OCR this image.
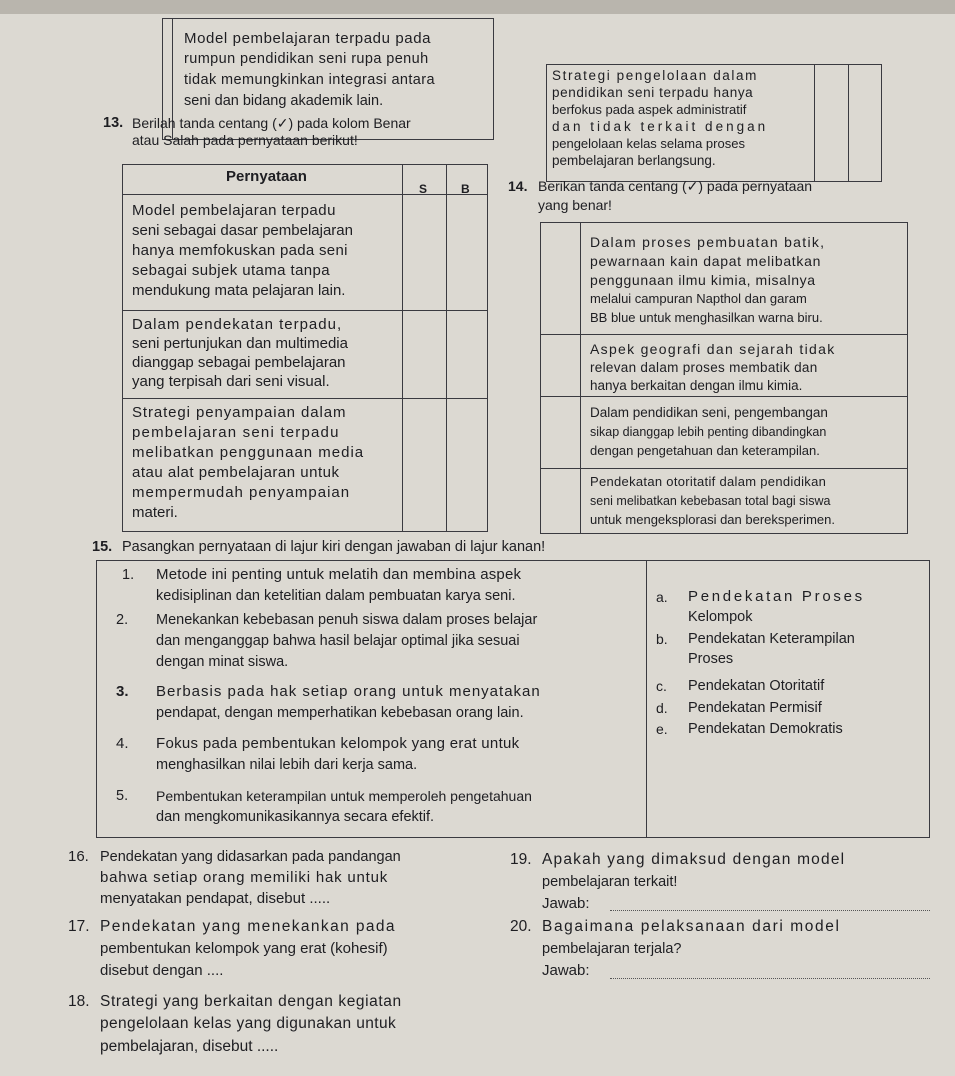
Model pembelajaran terpadu pada
rumpun pendidikan seni rupa penuh
tidak memungkinkan integrasi antara
seni dan bidang akademik lain.
13. Berilah tanda centang (✓) pada kolom Benar
atau Salah pada pernyataan berikut!
Pernyataan
S	B
Model pembelajaran terpadu
seni sebagai dasar pembelajaran
hanya memfokuskan pada seni
sebagai subjek utama tanpa
mendukung mata pelajaran lain.
Dalam pendekatan terpadu,
seni pertunjukan dan multimedia
dianggap sebagai pembelajaran
yang terpisah dari seni visual.
Strategi penyampaian dalam
pembelajaran seni terpadu
melibatkan penggunaan media
atau alat pembelajaran untuk
mempermudah penyampaian
materi.
Strategi pengelolaan dalam
pendidikan seni terpadu hanya
berfokus pada aspek administratif
dan tidak terkait dengan
pengelolaan kelas selama proses
pembelajaran berlangsung.
14. Berikan tanda centang (✓) pada pernyataan
yang benar!
Dalam proses pembuatan batik,
pewarnaan kain dapat melibatkan
penggunaan ilmu kimia, misalnya
melalui campuran Napthol dan garam
BB blue untuk menghasilkan warna biru.
Aspek geografi dan sejarah tidak
relevan dalam proses membatik dan
hanya berkaitan dengan ilmu kimia.
Dalam pendidikan seni, pengembangan
sikap dianggap lebih penting dibandingkan
dengan pengetahuan dan keterampilan.
Pendekatan otoritatif dalam pendidikan
seni melibatkan kebebasan total bagi siswa
untuk mengeksplorasi dan bereksperimen.
15. Pasangkan pernyataan di lajur kiri dengan jawaban di lajur kanan!
1. Metode ini penting untuk melatih dan membina aspek
kedisiplinan dan ketelitian dalam pembuatan karya seni.
2. Menekankan kebebasan penuh siswa dalam proses belajar
dan menganggap bahwa hasil belajar optimal jika sesuai
dengan minat siswa.
3. Berbasis pada hak setiap orang untuk menyatakan
pendapat, dengan memperhatikan kebebasan orang lain.
4. Fokus pada pembentukan kelompok yang erat untuk
menghasilkan nilai lebih dari kerja sama.
5. Pembentukan keterampilan untuk memperoleh pengetahuan
dan mengkomunikasikannya secara efektif.
a. Pendekatan Proses
Kelompok
b. Pendekatan Keterampilan
Proses
c. Pendekatan Otoritatif
d. Pendekatan Permisif
e. Pendekatan Demokratis
16. Pendekatan yang didasarkan pada pandangan
bahwa setiap orang memiliki hak untuk
menyatakan pendapat, disebut .....
17. Pendekatan yang menekankan pada
pembentukan kelompok yang erat (kohesif)
disebut dengan ....
18. Strategi yang berkaitan dengan kegiatan
pengelolaan kelas yang digunakan untuk
pembelajaran, disebut .....
19. Apakah yang dimaksud dengan model
pembelajaran terkait!
Jawab:
20. Bagaimana pelaksanaan dari model
pembelajaran terjala?
Jawab:
